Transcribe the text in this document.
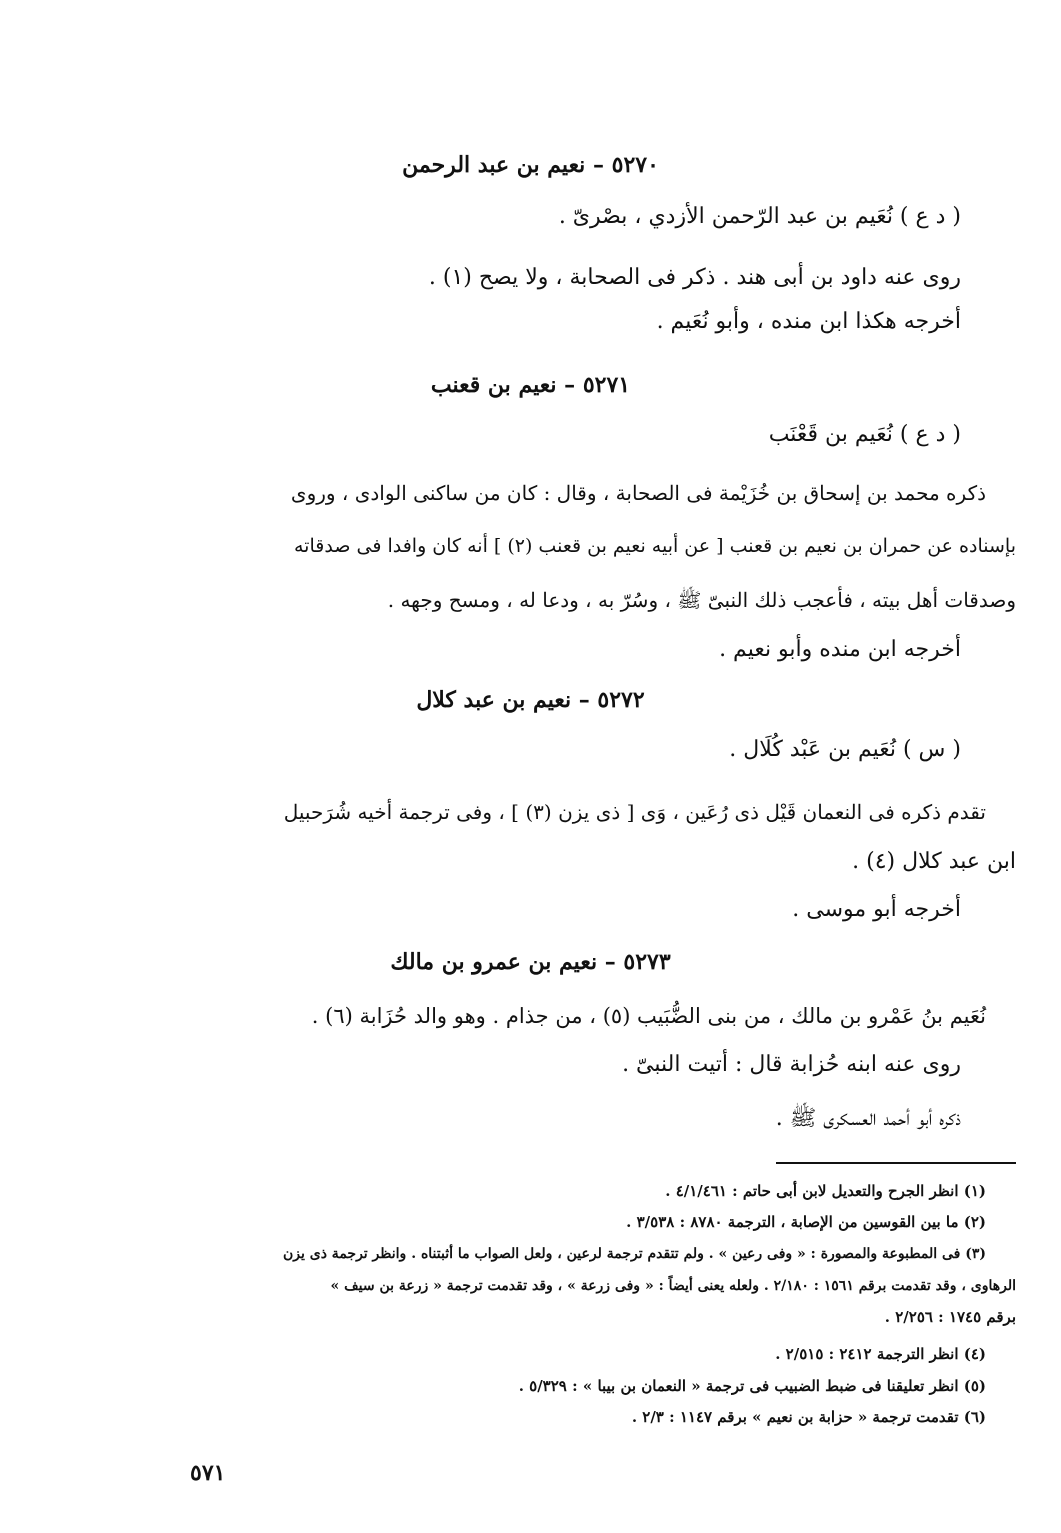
٥٢٧٠ – نعيم بن عبد الرحمن
( د ع ) نُعَيم بن عبد الرّحمن الأزدي ، بصْرىّ .
روى عنه داود بن أبى هند . ذكر فى الصحابة ، ولا يصح (١) .
أخرجه هكذا ابن منده ، وأبو نُعَيم .
٥٢٧١ – نعيم بن قعنب
( د ع ) نُعَيم بن قَعْنَب
ذكره محمد بن إسحاق بن خُزَيْمة فى الصحابة ، وقال : كان من ساكنى الوادى ، وروى
بإسناده عن حمران بن نعيم بن قعنب [ عن أبيه نعيم بن قعنب (٢) ] أنه كان وافدا فى صدقاته
وصدقات أهل بيته ، فأعجب ذلك النبىّ ﷺ ، وسُرّ به ، ودعا له ، ومسح وجهه .
أخرجه ابن منده وأبو نعيم .
٥٢٧٢ – نعيم بن عبد كلال
( س ) نُعَيم بن عَبْد كُلَال .
تقدم ذكره فى النعمان قَيْل ذى رُعَين ، وَى [ ذى يزن (٣) ] ، وفى ترجمة أخيه شُرَحبيل
ابن عبد كلال (٤) .
أخرجه أبو موسى .
٥٢٧٣ – نعيم بن عمرو بن مالك
نُعَيم بنُ عَمْرو بن مالك ، من بنى الضُّبَيب (٥) ، من جذام . وهو والد حُزَابة (٦) .
روى عنه ابنه حُزابة قال : أتيت النبىّ .
ذكره أبو أحمد العسكرى ﷺ .
(١) انظر الجرح والتعديل لابن أبى حاتم : ٤/١/٤٦١ .
(٢) ما بين القوسين من الإصابة ، الترجمة ٨٧٨٠ : ٣/٥٣٨ .
(٣) فى المطبوعة والمصورة : « وفى رعين » . ولم تتقدم ترجمة لرعين ، ولعل الصواب ما أثبتناه . وانظر ترجمة ذى يزن
الرهاوى ، وقد تقدمت برقم ١٥٦١ : ٢/١٨٠ . ولعله يعنى أيضاً : « وفى زرعة » ، وقد تقدمت ترجمة « زرعة بن سيف »
برقم ١٧٤٥ : ٢/٢٥٦ .
(٤) انظر الترجمة ٢٤١٢ : ٢/٥١٥ .
(٥) انظر تعليقنا فى ضبط الضبيب فى ترجمة « النعمان بن بيبا » : ٥/٣٢٩ .
(٦) تقدمت ترجمة « حزابة بن نعيم » برقم ١١٤٧ : ٢/٣ .
٥٧١
